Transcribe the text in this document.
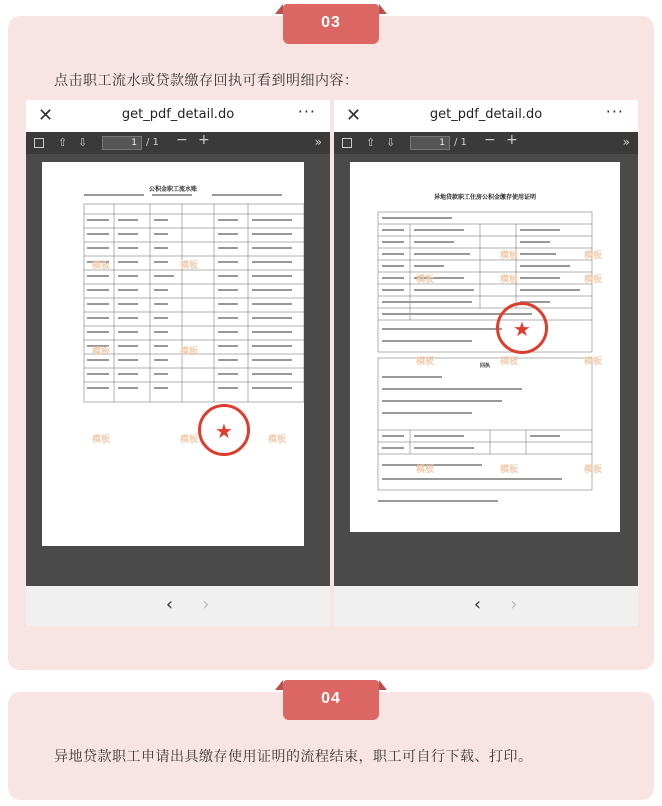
03
点击职工流水或贷款缴存回执可看到明细内容：
✕	get_pdf_detail.do	···
⇧ ⇩	1 / 1 − +	»
公积金职工流水账
模板	模板
模板	模板
模板	模板	模板
★
‹ ›
✕	get_pdf_detail.do	···
⇧ ⇩	1 / 1 − +	»
异地贷款职工住房公积金缴存使用证明
回执
模板	模板	模板
模板	模板	模板
模板	模板	模板
模板	模板
★
‹ ›
04
异地贷款职工申请出具缴存使用证明的流程结束，职工可自行下载、打印。
